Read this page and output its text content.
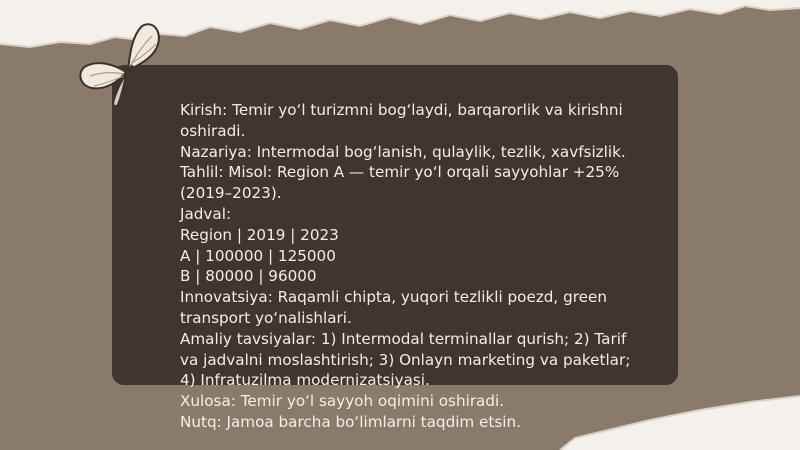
Kirish: Temir yo‘l turizmni bog‘laydi, barqarorlik va kirishni oshiradi.
Nazariya: Intermodal bog‘lanish, qulaylik, tezlik, xavfsizlik.
Tahlil: Misol: Region A — temir yo‘l orqali sayyohlar +25% (2019–2023).
Jadval:
Region | 2019 | 2023
A | 100000 | 125000
B | 80000 | 96000
Innovatsiya: Raqamli chipta, yuqori tezlikli poezd, green transport yo‘nalishlari.
Amaliy tavsiyalar: 1) Intermodal terminallar qurish; 2) Tarif va jadvalni moslashtirish; 3) Onlayn marketing va paketlar; 4) Infratuzilma modernizatsiyasi.
Xulosa: Temir yo‘l sayyoh oqimini oshiradi.
Nutq: Jamoa barcha bo‘limlarni taqdim etsin.
